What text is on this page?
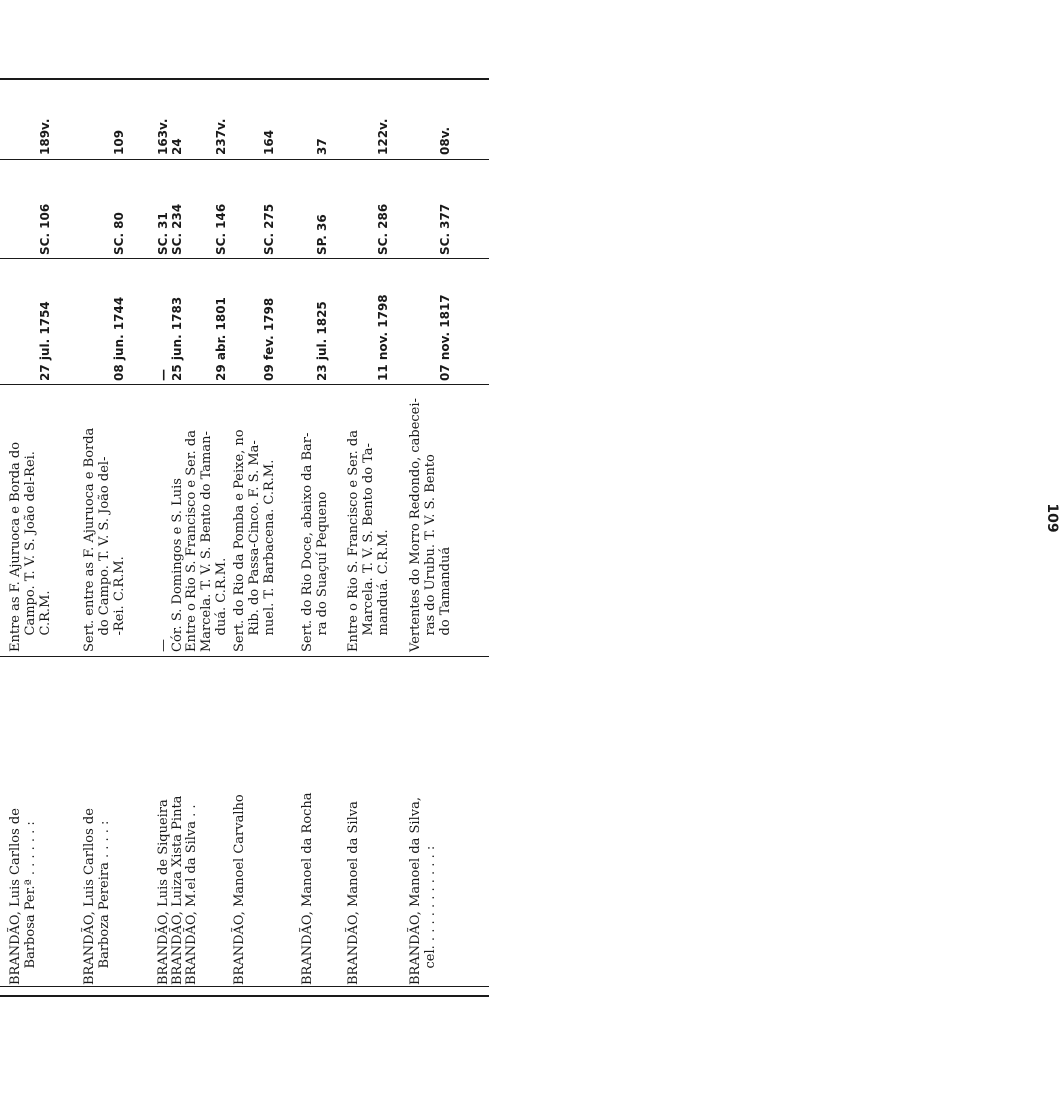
BRANDÃO, Luis Carllos de Barbosa Per.ª . . . . . . :
Entre as F. Ajuruoca e Borda do Campo. T. V. S. João del-Rei. C.R.M.
27 jul. 1754
SC. 106
189v.
BRANDÃO, Luis Carllos de Barboza Pereira . . . . :
Sert. entre as F. Ajuruoca e Borda do Campo. T. V. S. João del- -Rei. C.R.M.
08 jun. 1744
SC. 80
109
BRANDÃO, Luis de Siqueira
—
—
SC. 31
163v.
BRANDÃO, Luiza Xista Pinta
Cór. S. Domingos e S. Luis
25 jun. 1783
SC. 234
24
BRANDÃO, M.el da Silva . .
Entre o Rio S. Francisco e Ser. da Marcela. T. V. S. Bento do Taman- duá. C.R.M.
29 abr. 1801
SC. 146
237v.
BRANDÃO, Manoel Carvalho
Sert. do Rio da Pomba e Peixe, no Rib. do Passa-Cinco. F. S. Ma- nuel. T. Barbacena. C.R.M.
09 fev. 1798
SC. 275
164
BRANDÃO, Manoel da Rocha
Sert. do Rio Doce, abaixo da Bar- ra do Suaçuí Pequeno
23 jul. 1825
SP. 36
37
BRANDÃO, Manoel da Silva
Entre o Rio S. Francisco e Ser. da Marcela. T. V. S. Bento do Ta- manduá. C.R.M.
11 nov. 1798
SC. 286
122v.
BRANDÃO, Manoel da Silva, cel. . . . . . . . . . . . :
Vertentes do Morro Redondo, cabecei- ras do Urubu. T. V. S. Bento do Tamanduá
07 nov. 1817
SC. 377
08v.
109
